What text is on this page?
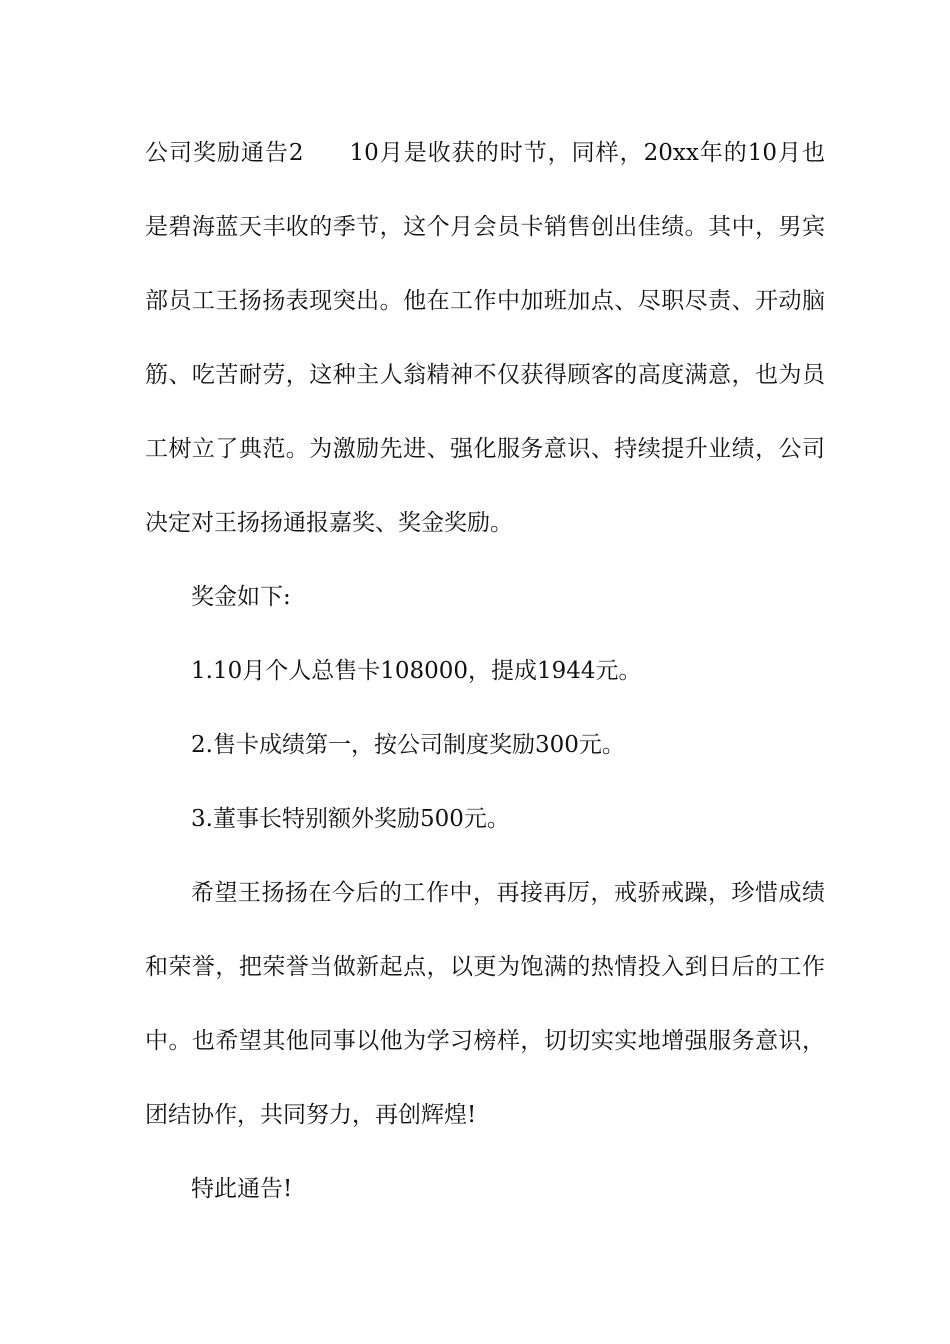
公司奖励通告2 10月是收获的时节，同样，20xx年的10月也是碧海蓝天丰收的季节，这个月会员卡销售创出佳绩。其中，男宾部员工王扬扬表现突出。他在工作中加班加点、尽职尽责、开动脑筋、吃苦耐劳，这种主人翁精神不仅获得顾客的高度满意，也为员工树立了典范。为激励先进、强化服务意识、持续提升业绩，公司决定对王扬扬通报嘉奖、奖金奖励。

奖金如下:

1.10月个人总售卡108000，提成1944元。

2.售卡成绩第一，按公司制度奖励300元。

3.董事长特别额外奖励500元。

希望王扬扬在今后的工作中，再接再厉，戒骄戒躁，珍惜成绩和荣誉，把荣誉当做新起点，以更为饱满的热情投入到日后的工作中。也希望其他同事以他为学习榜样，切切实实地增强服务意识，团结协作，共同努力，再创辉煌!

特此通告!
